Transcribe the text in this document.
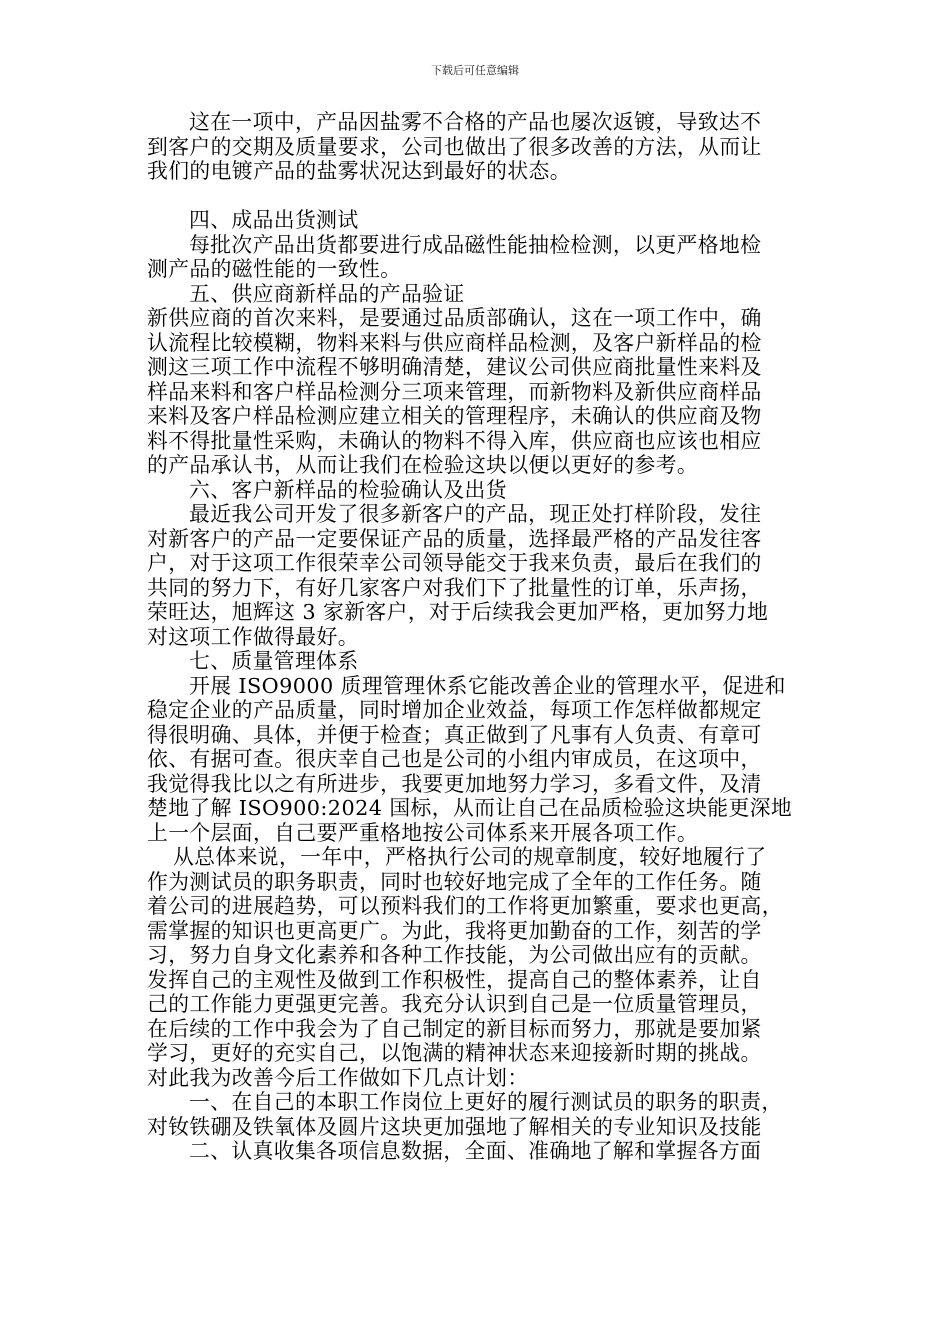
下载后可任意编辑
这在一项中，产品因盐雾不合格的产品也屡次返镀，导致达不
到客户的交期及质量要求，公司也做出了很多改善的方法，从而让
我们的电镀产品的盐雾状况达到最好的状态。
四、成品出货测试
每批次产品出货都要进行成品磁性能抽检检测，以更严格地检
测产品的磁性能的一致性。
五、供应商新样品的产品验证
新供应商的首次来料，是要通过品质部确认，这在一项工作中，确
认流程比较模糊，物料来料与供应商样品检测，及客户新样品的检
测这三项工作中流程不够明确清楚，建议公司供应商批量性来料及
样品来料和客户样品检测分三项来管理，而新物料及新供应商样品
来料及客户样品检测应建立相关的管理程序，未确认的供应商及物
料不得批量性采购，未确认的物料不得入库，供应商也应该也相应
的产品承认书，从而让我们在检验这块以便以更好的参考。
六、客户新样品的检验确认及出货
最近我公司开发了很多新客户的产品，现正处打样阶段，发往
对新客户的产品一定要保证产品的质量，选择最严格的产品发往客
户，对于这项工作很荣幸公司领导能交于我来负责，最后在我们的
共同的努力下，有好几家客户对我们下了批量性的订单，乐声扬，
荣旺达，旭辉这 3 家新客户，对于后续我会更加严格，更加努力地
对这项工作做得最好。
七、质量管理体系
开展 ISO9000 质理管理休系它能改善企业的管理水平，促进和
稳定企业的产品质量，同时增加企业效益，每项工作怎样做都规定
得很明确、具体，并便于检查；真正做到了凡事有人负责、有章可
依、有据可查。很庆幸自己也是公司的小组内审成员，在这项中，
我觉得我比以之有所进步，我要更加地努力学习，多看文件，及清
楚地了解 ISO900:2024 国标，从而让自己在品质检验这块能更深地
上一个层面，自己要严重格地按公司体系来开展各项工作。
从总体来说，一年中，严格执行公司的规章制度，较好地履行了
作为测试员的职务职责，同时也较好地完成了全年的工作任务。随
着公司的进展趋势，可以预料我们的工作将更加繁重，要求也更高，
需掌握的知识也更高更广。为此，我将更加勤奋的工作，刻苦的学
习，努力自身文化素养和各种工作技能，为公司做出应有的贡献。
发挥自己的主观性及做到工作积极性，提高自己的整体素养，让自
己的工作能力更强更完善。我充分认识到自己是一位质量管理员，
在后续的工作中我会为了自己制定的新目标而努力，那就是要加紧
学习，更好的充实自己，以饱满的精神状态来迎接新时期的挑战。
对此我为改善今后工作做如下几点计划：
一、在自己的本职工作岗位上更好的履行测试员的职务的职责，
对钕铁硼及铁氧体及圆片这块更加强地了解相关的专业知识及技能
二、认真收集各项信息数据，全面、准确地了解和掌握各方面
